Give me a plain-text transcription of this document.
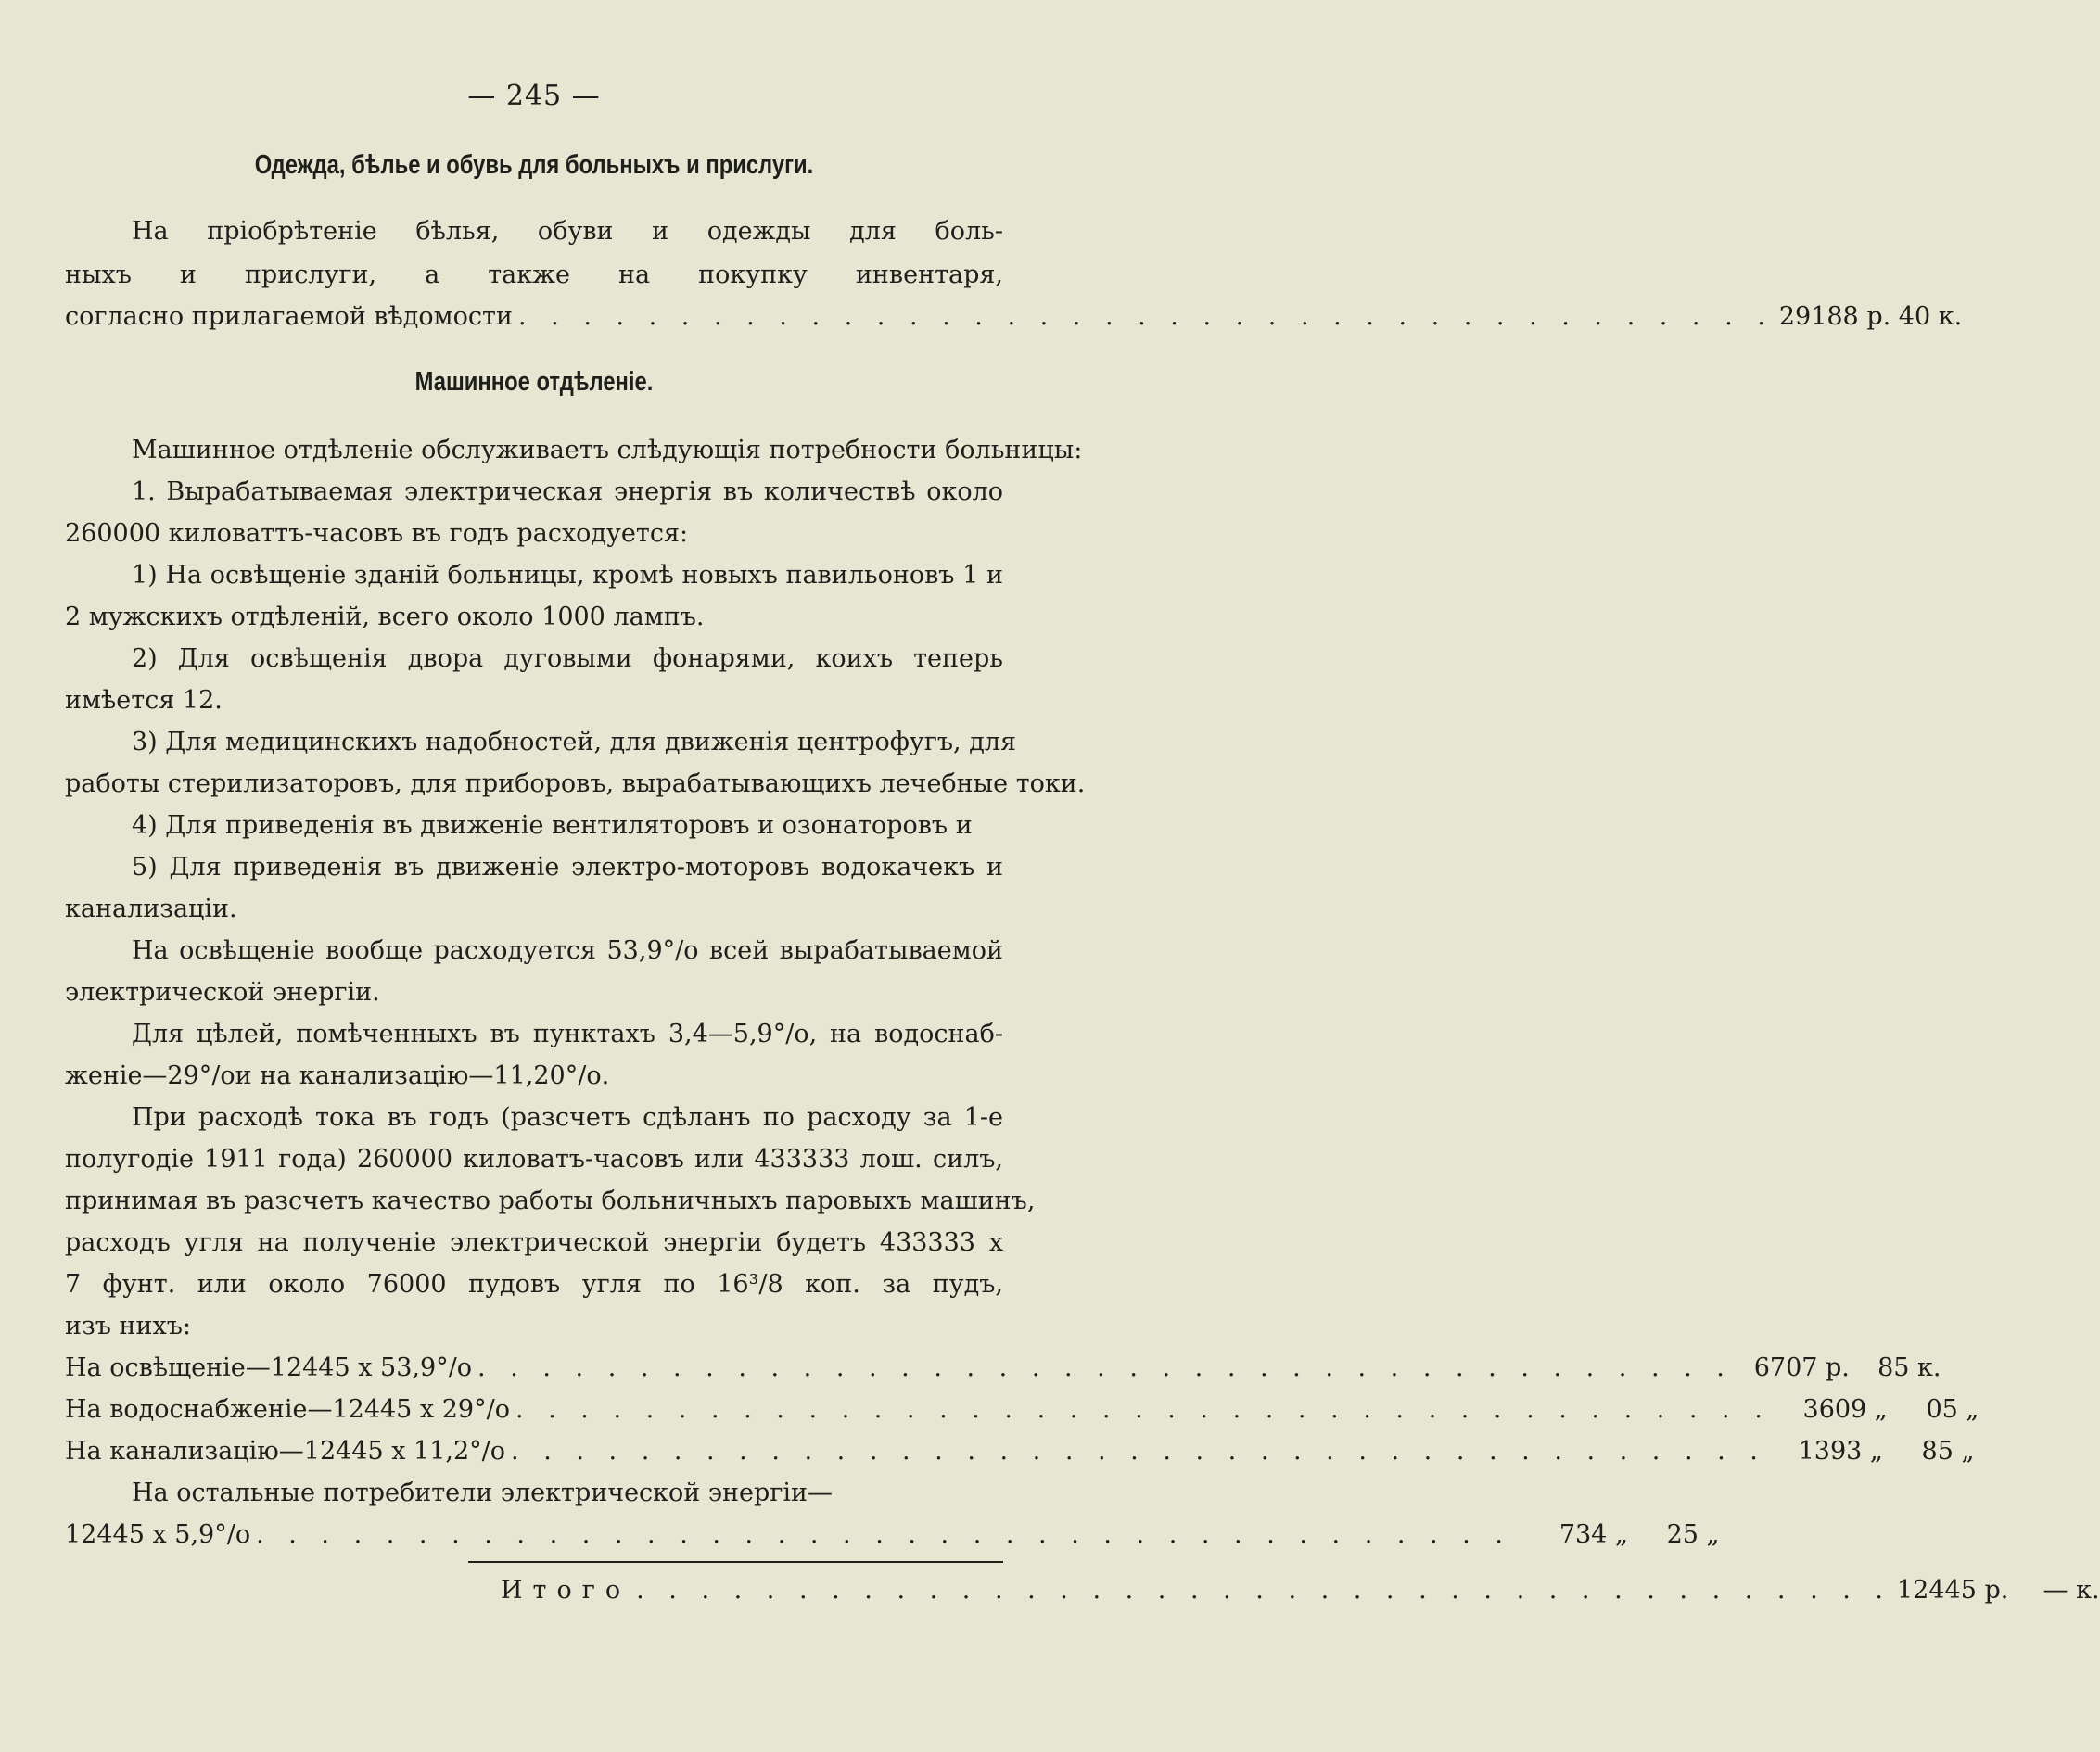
— 245 —
Одежда, бѣлье и обувь для больныхъ и прислуги.
На пріобрѣтеніе бѣлья, обуви и одежды для боль-
ныхъ и прислуги, а также на покупку инвентаря,
согласно прилагаемой вѣдомости . . . . . . . . . . . . . . . . . . . . . . . . . . . . . . . . . . . . . . . 29188 р. 40 к.
Машинное отдѣленіе.
Машинное отдѣленіе обслуживаетъ слѣдующія потребности больницы:
1. Вырабатываемая электрическая энергія въ количествѣ около
260000 киловаттъ-часовъ въ годъ расходуется:
1) На освѣщеніе зданій больницы, кромѣ новыхъ павильоновъ 1 и
2 мужскихъ отдѣленій, всего около 1000 лампъ.
2) Для освѣщенія двора дуговыми фонарями, коихъ теперь
имѣется 12.
3) Для медицинскихъ надобностей, для движенія центрофугъ, для
работы стерилизаторовъ, для приборовъ, вырабатывающихъ лечебные токи.
4) Для приведенія въ движеніе вентиляторовъ и озонаторовъ и
5) Для приведенія въ движеніе электро-моторовъ водокачекъ и
канализаціи.
На освѣщеніе вообще расходуется 53,9°/о всей вырабатываемой
электрической энергіи.
Для цѣлей, помѣченныхъ въ пунктахъ 3,4—5,9°/о, на водоснаб-
женіе—29°/ои на канализацію—11,20°/о.
При расходѣ тока въ годъ (разсчетъ сдѣланъ по расходу за 1-е
полугодіе 1911 года) 260000 киловатъ-часовъ или 433333 лош. силъ,
принимая въ разсчетъ качество работы больничныхъ паровыхъ машинъ,
расходъ угля на полученіе электрической энергіи будетъ 433333 х
7 фунт. или около 76000 пудовъ угля по 16³/8 коп. за пудъ,
изъ нихъ:
На освѣщеніе—12445 х 53,9°/о . . . . . . . . . . . . . . . . . . . . . . . . . . . . . . . . . . . . . . . 6707 р. 85 к.
На водоснабженіе—12445 х 29°/о . . . . . . . . . . . . . . . . . . . . . . . . . . . . . . . . . . . . . . .	3609 „ 05 „
На канализацію—12445 х 11,2°/о . . . . . . . . . . . . . . . . . . . . . . . . . . . . . . . . . . . . . . .	1393 „ 85 „
На остальные потребители электрической энергіи—
12445 х 5,9°/о . . . . . . . . . . . . . . . . . . . . . . . . . . . . . . . . . . . . . . .	734 „ 25 „
Итого . . . . . . . . . . . . . . . . . . . . . . . . . . . . . . . . . . . . . . . 12445 р. — к.
